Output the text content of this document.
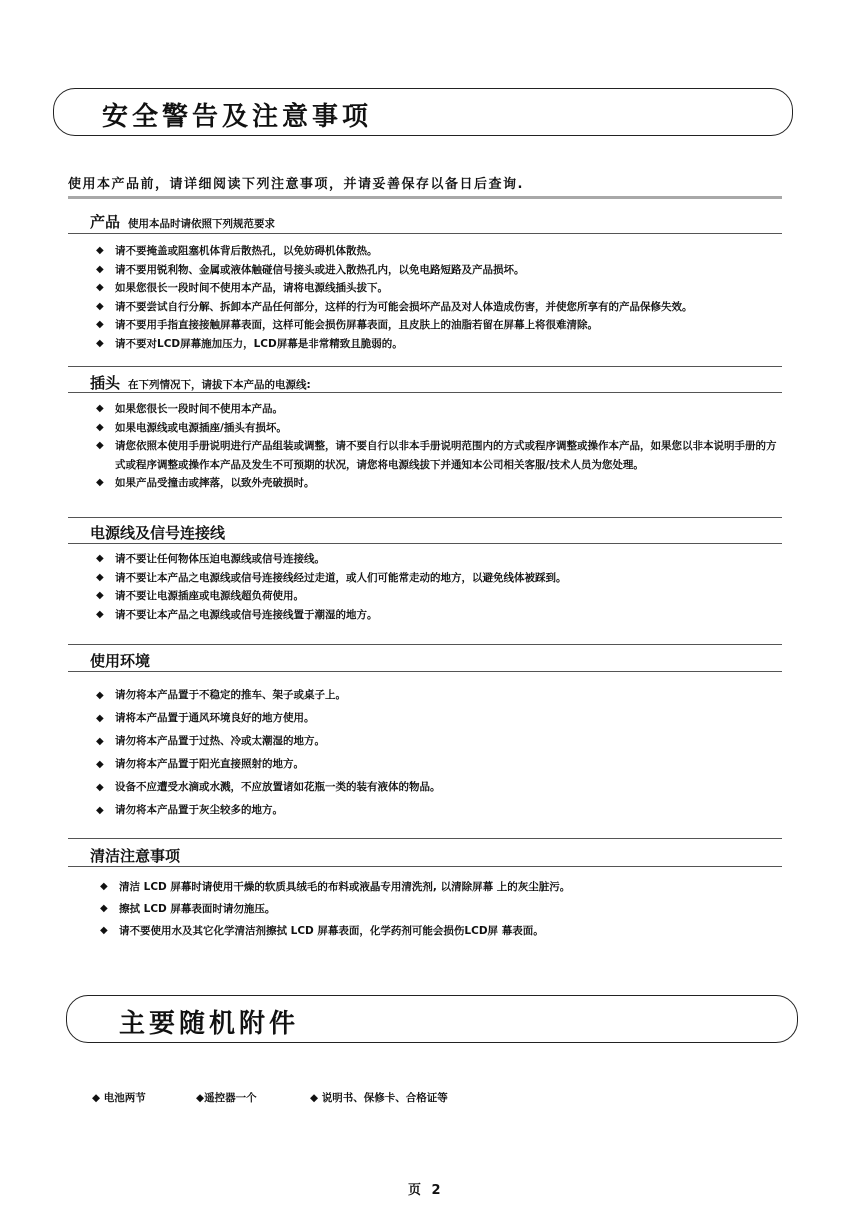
安全警告及注意事项
使用本产品前，请详细阅读下列注意事项，并请妥善保存以备日后查询.
产品 使用本品时请依照下列规范要求
◆ 请不要掩盖或阻塞机体背后散热孔，以免妨碍机体散热。
◆ 请不要用锐利物、金属或液体触碰信号接头或进入散热孔内，以免电路短路及产品损坏。
◆ 如果您很长一段时间不使用本产品，请将电源线插头拔下。
◆ 请不要尝试自行分解、拆卸本产品任何部分，这样的行为可能会损坏产品及对人体造成伤害，并使您所享有的产品保修失效。
◆ 请不要用手指直接接触屏幕表面，这样可能会损伤屏幕表面，且皮肤上的油脂若留在屏幕上将很难清除。
◆ 请不要对LCD屏幕施加压力，LCD屏幕是非常精致且脆弱的。
插头 在下列情况下，请拔下本产品的电源线:
◆ 如果您很长一段时间不使用本产品。
◆ 如果电源线或电源插座/插头有损坏。
◆ 请您依照本使用手册说明进行产品组装或调整，请不要自行以非本手册说明范围内的方式或程序调整或操作本产品，如果您以非本说明手册的方式或程序调整或操作本产品及发生不可预期的状况，请您将电源线拔下并通知本公司相关客服/技术人员为您处理。
◆ 如果产品受撞击或摔落，以致外壳破损时。
电源线及信号连接线
◆ 请不要让任何物体压迫电源线或信号连接线。
◆ 请不要让本产品之电源线或信号连接线经过走道，或人们可能常走动的地方，以避免线体被踩到。
◆ 请不要让电源插座或电源线超负荷使用。
◆ 请不要让本产品之电源线或信号连接线置于潮湿的地方。
使用环境
◆ 请勿将本产品置于不稳定的推车、架子或桌子上。
◆ 请将本产品置于通风环境良好的地方使用。
◆ 请勿将本产品置于过热、冷或太潮湿的地方。
◆ 请勿将本产品置于阳光直接照射的地方。
◆ 设备不应遭受水滴或水溅，不应放置诸如花瓶一类的装有液体的物品。
◆ 请勿将本产品置于灰尘较多的地方。
清洁注意事项
◆ 清洁 LCD 屏幕时请使用干燥的软质具绒毛的布料或液晶专用清洗剂, 以清除屏幕 上的灰尘脏污。
◆ 擦拭 LCD 屏幕表面时请勿施压。
◆ 请不要使用水及其它化学清洁剂擦拭 LCD 屏幕表面，化学药剂可能会损伤LCD屏 幕表面。
主要随机附件
◆ 电池两节	◆遥控器一个	◆ 说明书、保修卡、合格证等
页 2
